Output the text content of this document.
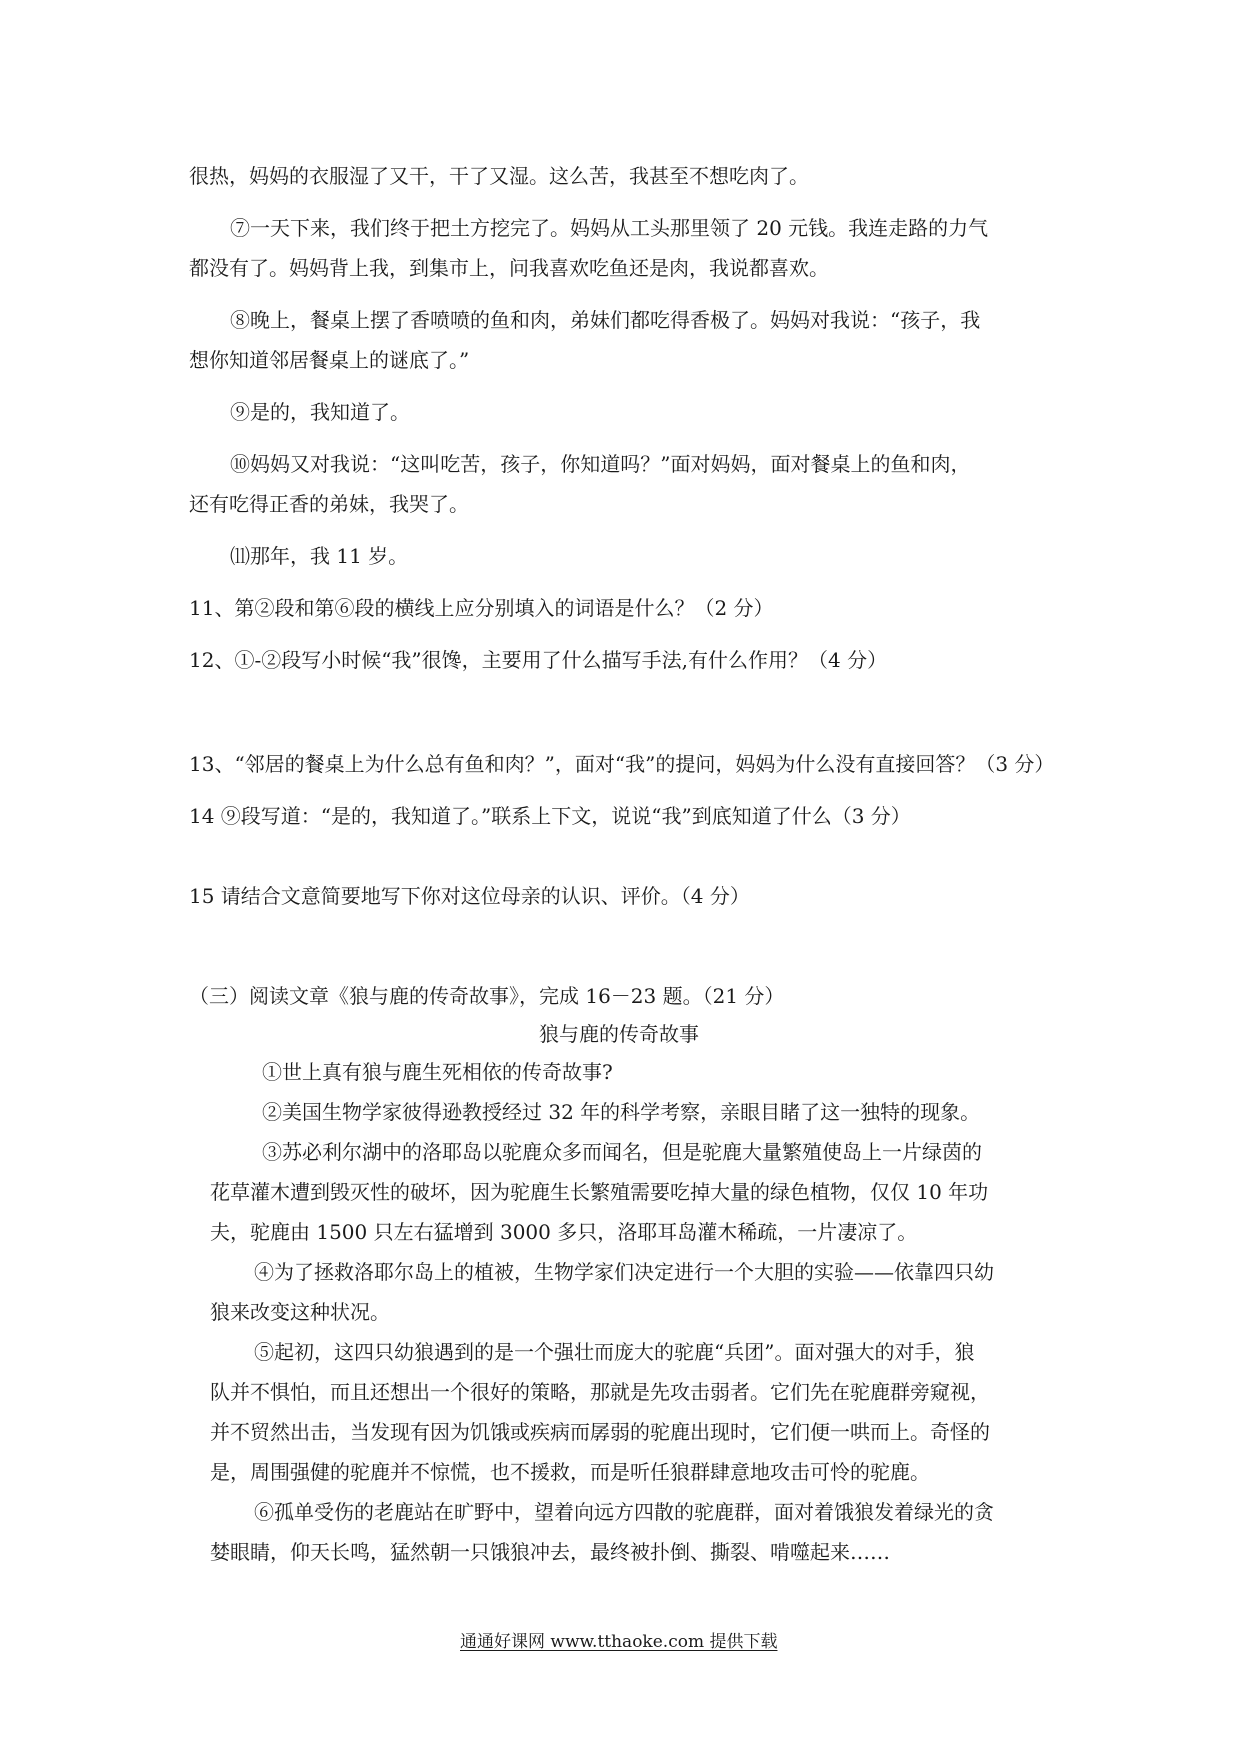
很热，妈妈的衣服湿了又干，干了又湿。这么苦，我甚至不想吃肉了。
⑦一天下来，我们终于把土方挖完了。妈妈从工头那里领了 20 元钱。我连走路的力气
都没有了。妈妈背上我，到集市上，问我喜欢吃鱼还是肉，我说都喜欢。
⑧晚上，餐桌上摆了香喷喷的鱼和肉，弟妹们都吃得香极了。妈妈对我说：“孩子，我
想你知道邻居餐桌上的谜底了。”
⑨是的，我知道了。
⑩妈妈又对我说：“这叫吃苦，孩子，你知道吗？”面对妈妈，面对餐桌上的鱼和肉，
还有吃得正香的弟妹，我哭了。
⑾那年，我 11 岁。
11、第②段和第⑥段的横线上应分别填入的词语是什么？（2 分）
12、①-②段写小时候“我”很馋，主要用了什么描写手法,有什么作用？（4 分）
13、“邻居的餐桌上为什么总有鱼和肉？”，面对“我”的提问，妈妈为什么没有直接回答？（3 分）
14 ⑨段写道：“是的，我知道了。”联系上下文，说说“我”到底知道了什么（3 分）
15 请结合文意简要地写下你对这位母亲的认识、评价。（4 分）
（三）阅读文章《狼与鹿的传奇故事》，完成 16－23 题。（21 分）
狼与鹿的传奇故事
①世上真有狼与鹿生死相依的传奇故事?
②美国生物学家彼得逊教授经过 32 年的科学考察，亲眼目睹了这一独特的现象。
③苏必利尔湖中的洛耶岛以驼鹿众多而闻名，但是驼鹿大量繁殖使岛上一片绿茵的
花草灌木遭到毁灭性的破坏，因为驼鹿生长繁殖需要吃掉大量的绿色植物，仅仅 10 年功
夫，驼鹿由 1500 只左右猛增到 3000 多只，洛耶耳岛灌木稀疏，一片凄凉了。
④为了拯救洛耶尔岛上的植被，生物学家们决定进行一个大胆的实验——依靠四只幼
狼来改变这种状况。
⑤起初，这四只幼狼遇到的是一个强壮而庞大的驼鹿“兵团”。面对强大的对手，狼
队并不惧怕，而且还想出一个很好的策略，那就是先攻击弱者。它们先在驼鹿群旁窥视，
并不贸然出击，当发现有因为饥饿或疾病而孱弱的驼鹿出现时，它们便一哄而上。奇怪的
是，周围强健的驼鹿并不惊慌，也不援救，而是听任狼群肆意地攻击可怜的驼鹿。
⑥孤单受伤的老鹿站在旷野中，望着向远方四散的驼鹿群，面对着饿狼发着绿光的贪
婪眼睛，仰天长鸣，猛然朝一只饿狼冲去，最终被扑倒、撕裂、啃噬起来……
通通好课网 www.tthaoke.com 提供下载
